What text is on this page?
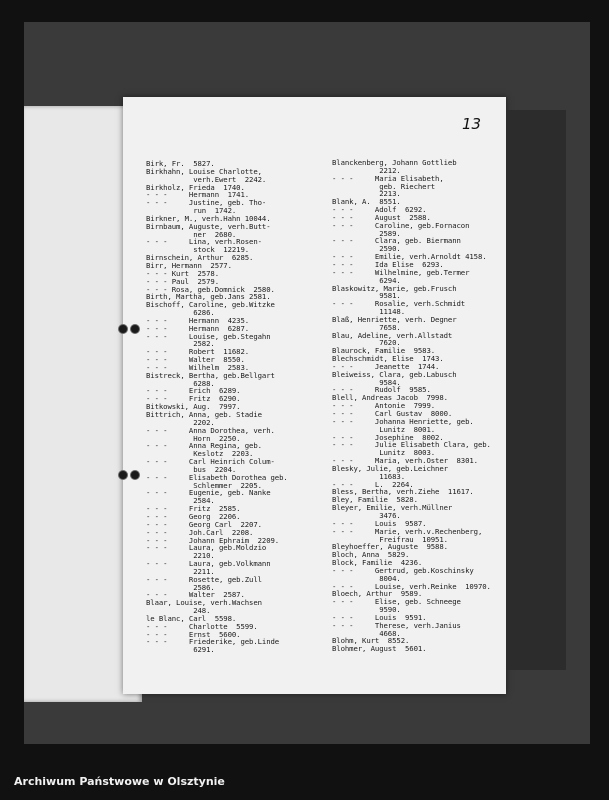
13
Birk, Fr.  5827.
Birkhahn, Louise Charlotte,
verh.Ewert  2242.
Birkholz, Frieda  1740.
- - -     Hermann  1741.
- - -     Justine, geb. Tho-
run  1742.
Birkner, M., verh.Hahn 10044.
Birnbaum, Auguste, verh.Butt-
ner  2680.
- - -     Lina, verh.Rosen-
stock  12219.
Birnschein, Arthur  6285.
Birr, Hermann  2577.
- - - Kurt  2578.
- - - Paul  2579.
- - - Rosa, geb.Domnick  2580.
Birth, Martha, geb.Jans 2581.
Bischoff, Caroline, geb.Witzke
6286.
- - -     Hermann  4235.
- - -     Hermann  6287.
- - -     Louise, geb.Stegahn
2582.
- - -     Robert  11682.
- - -     Walter  8550.
- - -     Wilhelm  2583.
Bistreck, Bertha, geb.Bellgart
6288.
- - -     Erich  6289.
- - -     Fritz  6290.
Bitkowski, Aug.  7997.
Bittrich, Anna, geb. Stadie
2202.
- - -     Anna Dorothea, verh.
Horn  2250.
- - -     Anna Regina, geb.
Keslotz  2203.
- - -     Carl Heinrich Colum-
bus  2204.
- - -     Elisabeth Dorothea geb.
Schlemmer  2205.
- - -     Eugenie, geb. Nanke
2584.
- - -     Fritz  2585.
- - -     Georg  2206.
- - -     Georg Carl  2207.
- - -     Joh.Carl  2208.
- - -     Johann Ephraim  2209.
- - -     Laura, geb.Moldzio
2210.
- - -     Laura, geb.Volkmann
2211.
- - -     Rosette, geb.Zull
2586.
- - -     Walter  2587.
Blaar, Louise, verh.Wachsen
248.
le Blanc, Carl  5598.
- - -     Charlotte  5599.
- - -     Ernst  5600.
- - -     Friederike, geb.Linde
6291.
Blanckenberg, Johann Gottlieb
2212.
- - -     Maria Elisabeth,
geb. Riechert
2213.
Blank, A.  8551.
- - -     Adolf  6292.
- - -     August  2588.
- - -     Caroline, geb.Fornacon
2589.
- - -     Clara, geb. Biermann
2590.
- - -     Emilie, verh.Arnoldt 4158.
- - -     Ida Elise  6293.
- - -     Wilhelmine, geb.Termer
6294.
Blaskowitz, Marie, geb.Frusch
9581.
- - -     Rosalie, verh.Schmidt
11148.
Blaß, Henriette, verh. Degner
7658.
Blau, Adeline, verh.Allstadt
7620.
Blaurock, Familie  9583.
Blechschmidt, Elise  1743.
- - -     Jeanette  1744.
Bleiweiss, Clara, geb.Labusch
9584.
- - -     Rudolf  9585.
Blell, Andreas Jacob  7998.
- - -     Antonie  7999.
- - -     Carl Gustav  8000.
- - -     Johanna Henriette, geb.
Lunitz  8001.
- - -     Josephine  8002.
- - -     Julie Elisabeth Clara, geb.
Lunitz  8003.
- - -     Maria, verh.Oster  8301.
Blesky, Julie, geb.Leichner
11683.
- - -     L.  2264.
Bless, Bertha, verh.Ziehe  11617.
Bley, Familie  5828.
Bleyer, Emilie, verh.Müllner
3476.
- - -     Louis  9587.
- - -     Marie, verh.v.Rechenberg,
Freifrau  10951.
Bleyhoeffer, Auguste  9588.
Bloch, Anna  5829.
Block, Familie  4236.
- - -     Gertrud, geb.Koschinsky
8004.
- - -     Louise, verh.Reinke  10970.
Bloech, Arthur  9589.
- - -     Elise, geb. Schneege
9590.
- - -     Louis  9591.
- - -     Therese, verh.Janius
4668.
Blohm, Kurt  8552.
Blohmer, August  5601.
Archiwum Państwowe w Olsztynie
